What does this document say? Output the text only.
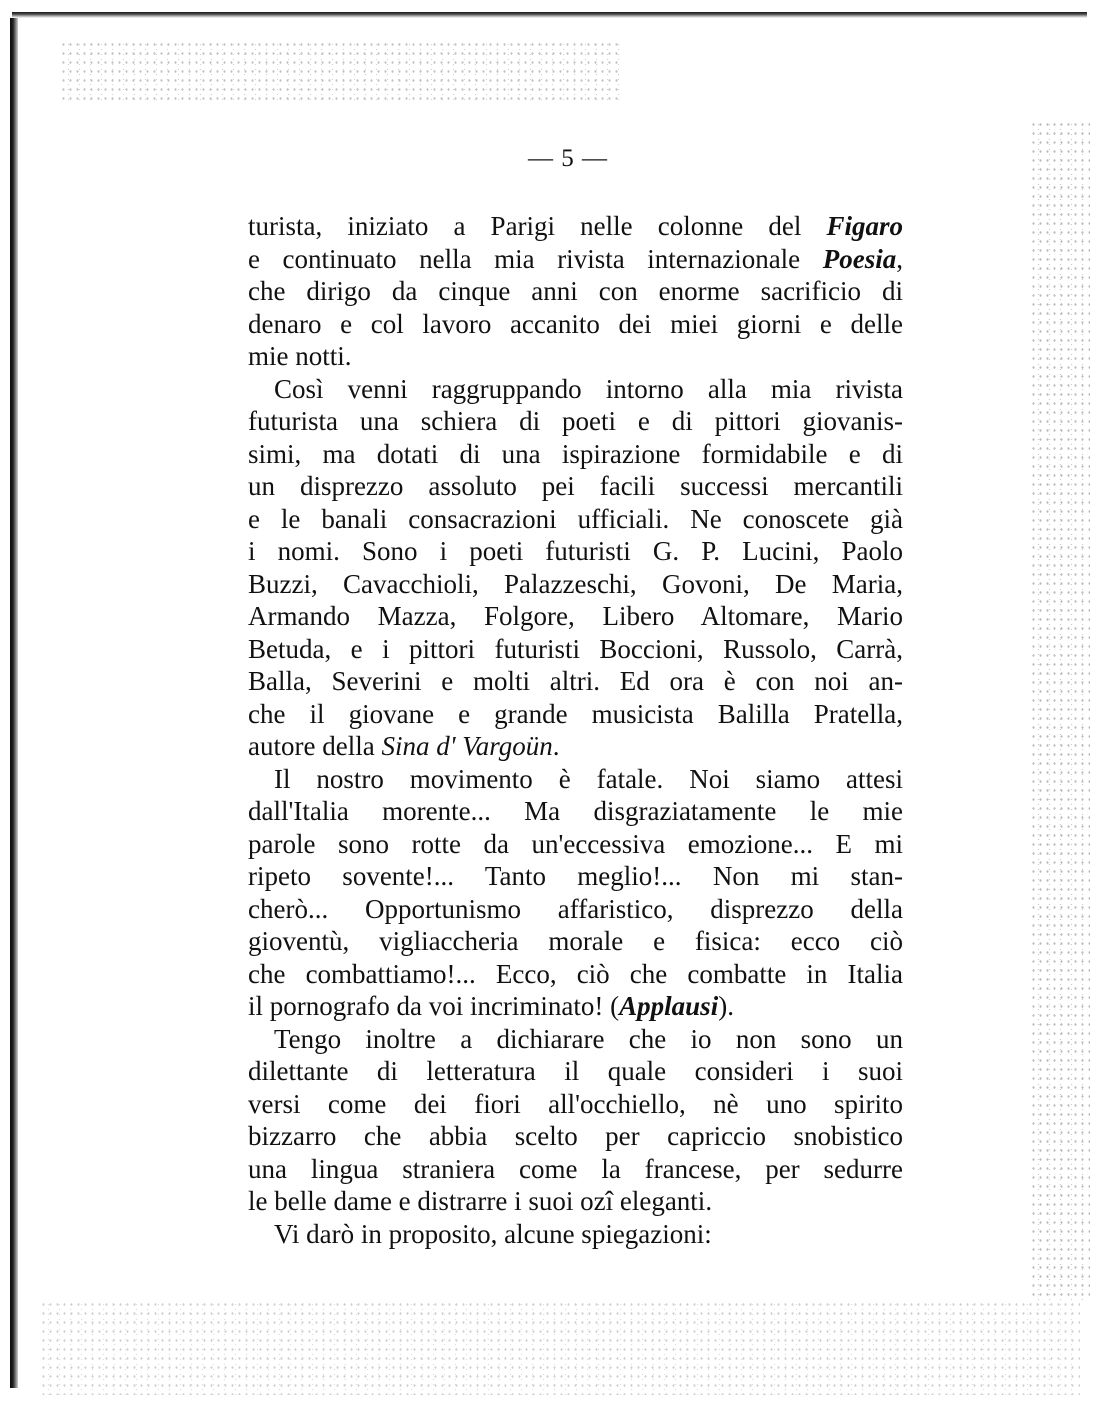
— 5 —
turista, iniziato a Parigi nelle colonne del Figaro
e continuato nella mia rivista internazionale Poesia,
che dirigo da cinque anni con enorme sacrificio di
denaro e col lavoro accanito dei miei giorni e delle
mie notti.
Così venni raggruppando intorno alla mia rivista
futurista una schiera di poeti e di pittori giovanis-
simi, ma dotati di una ispirazione formidabile e di
un disprezzo assoluto pei facili successi mercantili
e le banali consacrazioni ufficiali. Ne conoscete già
i nomi. Sono i poeti futuristi G. P. Lucini, Paolo
Buzzi, Cavacchioli, Palazzeschi, Govoni, De Maria,
Armando Mazza, Folgore, Libero Altomare, Mario
Betuda, e i pittori futuristi Boccioni, Russolo, Carrà,
Balla, Severini e molti altri. Ed ora è con noi an-
che il giovane e grande musicista Balilla Pratella,
autore della Sina d' Vargoün.
Il nostro movimento è fatale. Noi siamo attesi
dall'Italia morente... Ma disgraziatamente le mie
parole sono rotte da un'eccessiva emozione... E mi
ripeto sovente!... Tanto meglio!... Non mi stan-
cherò... Opportunismo affaristico, disprezzo della
gioventù, vigliaccheria morale e fisica: ecco ciò
che combattiamo!... Ecco, ciò che combatte in Italia
il pornografo da voi incriminato! (Applausi).
Tengo inoltre a dichiarare che io non sono un
dilettante di letteratura il quale consideri i suoi
versi come dei fiori all'occhiello, nè uno spirito
bizzarro che abbia scelto per capriccio snobistico
una lingua straniera come la francese, per sedurre
le belle dame e distrarre i suoi ozî eleganti.
Vi darò in proposito, alcune spiegazioni:
